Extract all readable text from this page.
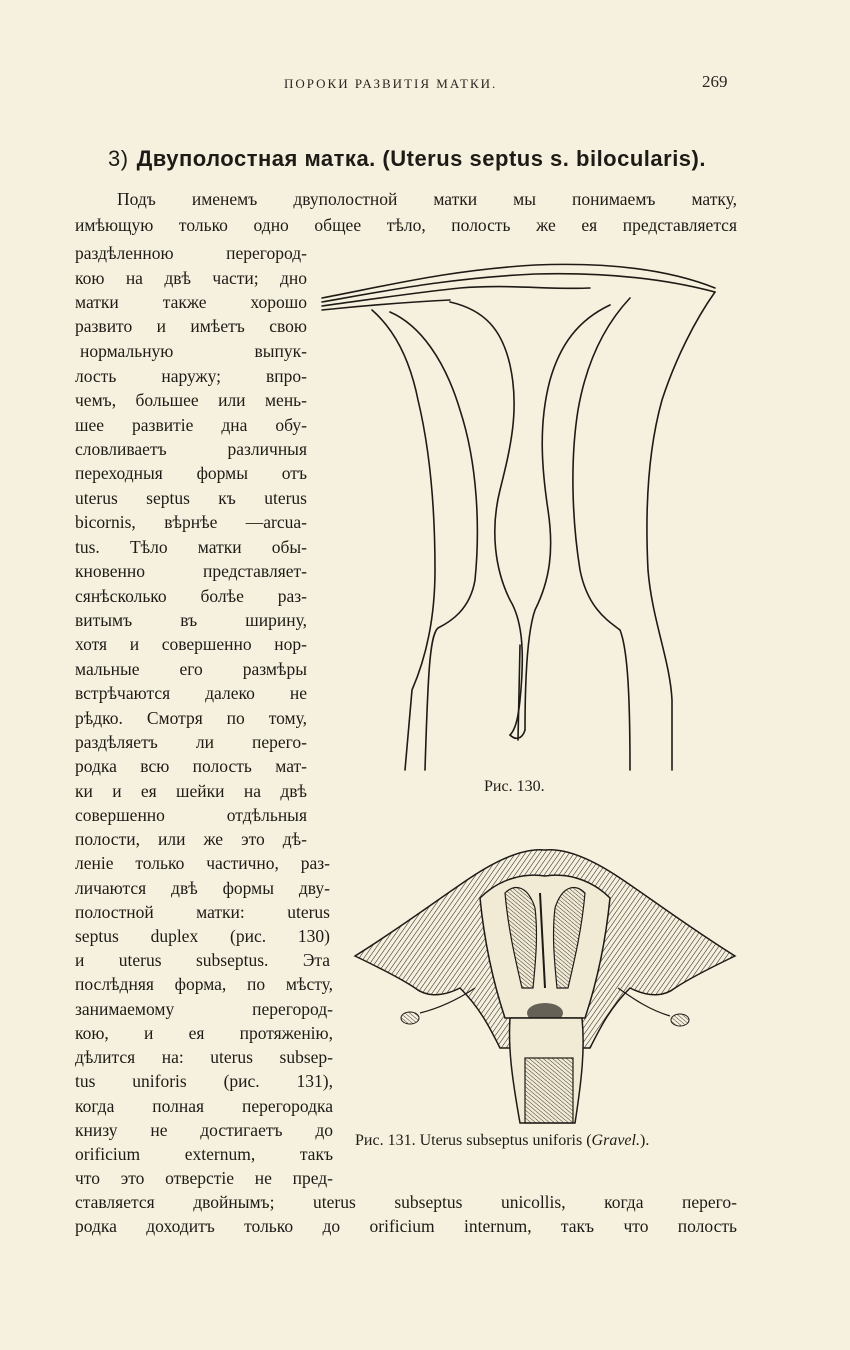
ПОРОКИ РАЗВИТІЯ МАТКИ.	269
3) Двуполостная матка. (Uterus septus s. bilocularis).
Подъ именемъ двуполостной матки мы понимаемъ матку,
имѣющую только одно общее тѣло, полость же ея представляется
раздѣленною перегород-
кою на двѣ части; дно
матки также хорошо
развито и имѣетъ свою
нормальную выпук-
лость наружу; впро-
чемъ, большее или мень-
шее развитіе дна обу-
словливаетъ различныя
переходныя формы отъ
uterus septus къ uterus
bicornis, вѣрнѣе —arcua-
tus. Тѣло матки обы-
кновенно представляет-
сянѣсколько болѣе раз-
витымъ въ ширину,
хотя и совершенно нор-
мальные его размѣры
встрѣчаются далеко не
рѣдко. Смотря по тому,
раздѣляетъ ли перего-
родка всю полость мат-
ки и ея шейки на двѣ
совершенно отдѣльныя
полости, или же это дѣ-
леніе только частично, раз-
личаются двѣ формы дву-
полостной матки: uterus
septus duplex (рис. 130)
и uterus subseptus. Эта
послѣдняя форма, по мѣсту,
занимаемому перегород-
кою, и ея протяженію,
дѣлится на: uterus subsep-
tus uniforis (рис. 131),
когда полная перегородка
книзу не достигаетъ до
orificium externum, такъ
что это отверстіе не пред-
ставляется двойнымъ; uterus subseptus unicollis, когда перего-
родка доходитъ только до orificium internum, такъ что полость
Рис. 130.
Рис. 131. Uterus subseptus uniforis (Gravel.).
